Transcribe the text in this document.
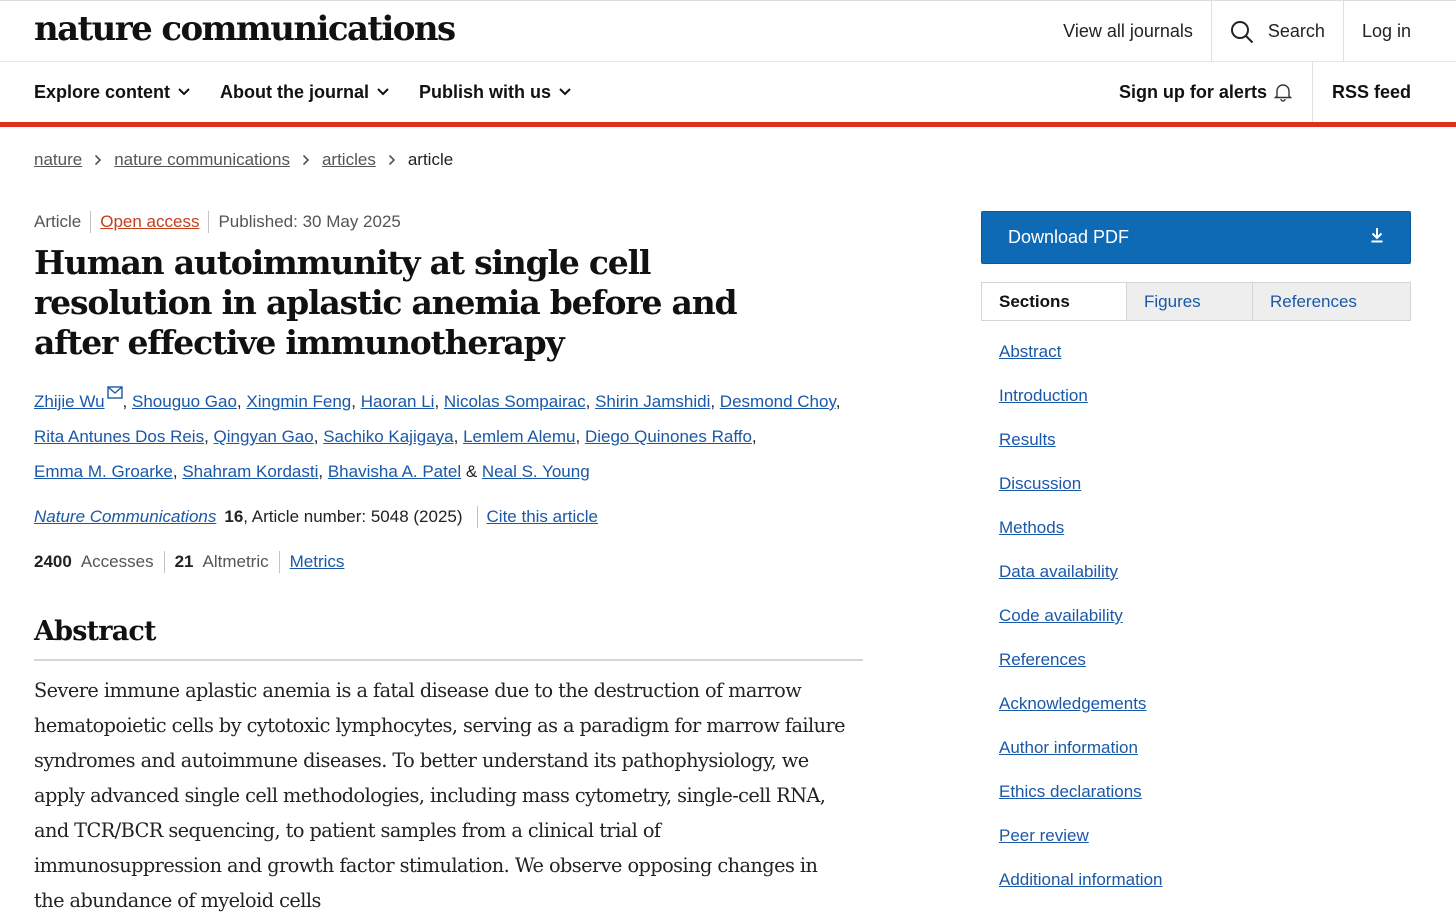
nature communications	View all journals	Search	Log in
Explore content	About the journal	Publish with us	Sign up for alerts	RSS feed
nature nature communications articles article
Article Open access Published: 30 May 2025
Human autoimmunity at single cell resolution in aplastic anemia before and after effective immunotherapy
Zhijie Wu , Shouguo Gao, Xingmin Feng, Haoran Li, Nicolas Sompairac, Shirin Jamshidi, Desmond Choy, Rita Antunes Dos Reis, Qingyan Gao, Sachiko Kajigaya, Lemlem Alemu, Diego Quinones Raffo,
Emma M. Groarke, Shahram Kordasti, Bhavisha A. Patel & Neal S. Young
Nature Communications 16 , Article number: 5048 (2025) Cite this article
2400 Accesses 21 Altmetric Metrics
Abstract

Severe immune aplastic anemia is a fatal disease due to the destruction of marrow hematopoietic cells by cytotoxic lymphocytes, serving as a paradigm for marrow failure syndromes and autoimmune diseases. To better understand its pathophysiology, we apply advanced single cell methodologies, including mass cytometry, single-cell RNA, and TCR/BCR sequencing, to patient samples from a clinical trial of immunosuppression and growth factor stimulation. We observe opposing changes in the abundance of myeloid cells

Download PDF
Sections	Figures	References
Abstract
Introduction
Results
Discussion
Methods
Data availability
Code availability
References
Acknowledgements
Author information
Ethics declarations
Peer review
Additional information
